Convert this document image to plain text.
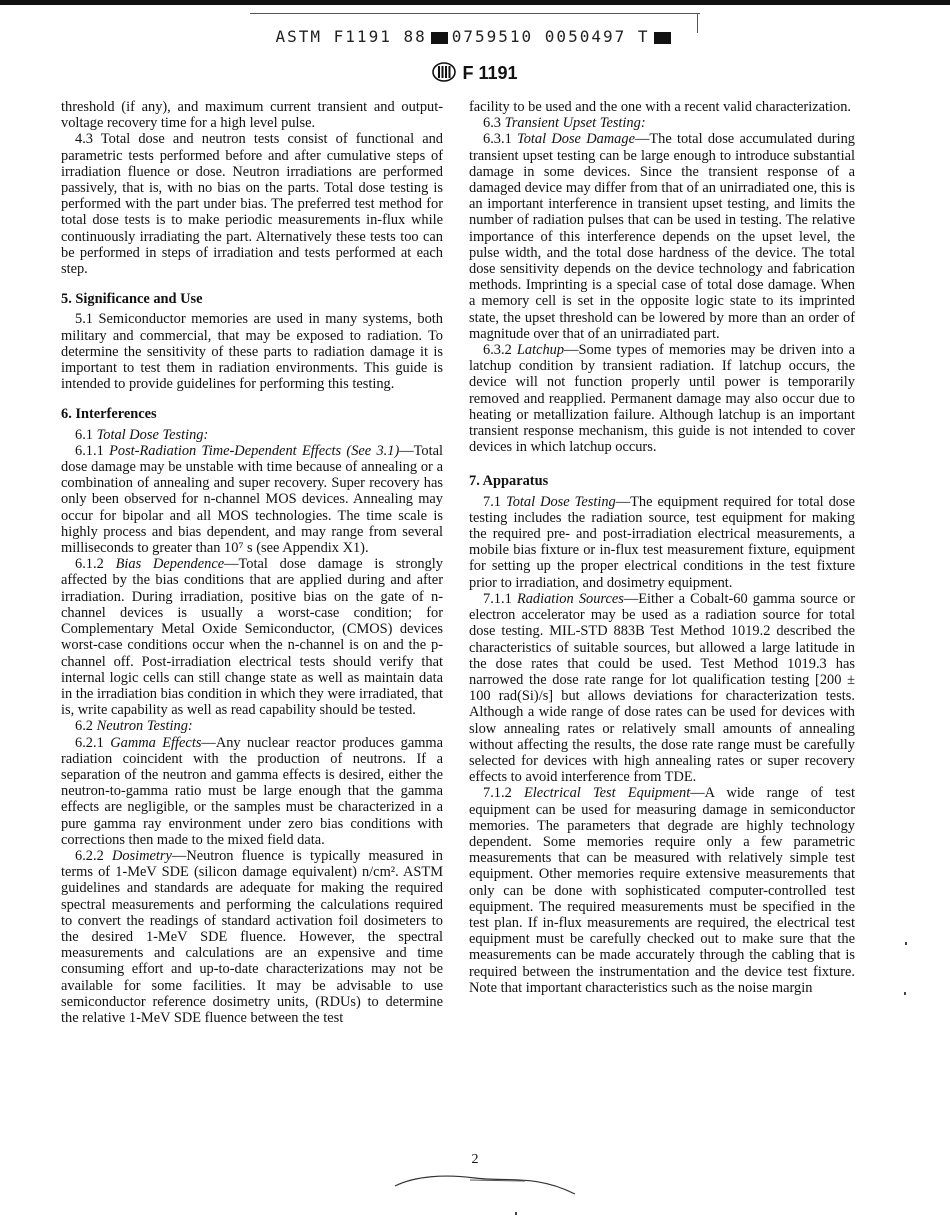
ASTM F1191 88 0759510 0050497 T
F 1191

threshold (if any), and maximum current transient and output-voltage recovery time for a high level pulse.

4.3 Total dose and neutron tests consist of functional and parametric tests performed before and after cumulative steps of irradiation fluence or dose. Neutron irradiations are performed passively, that is, with no bias on the parts. Total dose testing is performed with the part under bias. The preferred test method for total dose tests is to make periodic measurements in-flux while continuously irradiating the part. Alternatively these tests too can be performed in steps of irradiation and tests performed at each step.

5. Significance and Use

5.1 Semiconductor memories are used in many systems, both military and commercial, that may be exposed to radiation. To determine the sensitivity of these parts to radiation damage it is important to test them in radiation environments. This guide is intended to provide guidelines for performing this testing.

6. Interferences

6.1 Total Dose Testing:

6.1.1 Post-Radiation Time-Dependent Effects (See 3.1)—Total dose damage may be unstable with time because of annealing or a combination of annealing and super recovery. Super recovery has only been observed for n-channel MOS devices. Annealing may occur for bipolar and all MOS technologies. The time scale is highly process and bias dependent, and may range from several milliseconds to greater than 10⁷ s (see Appendix X1).

6.1.2 Bias Dependence—Total dose damage is strongly affected by the bias conditions that are applied during and after irradiation. During irradiation, positive bias on the gate of n-channel devices is usually a worst-case condition; for Complementary Metal Oxide Semiconductor, (CMOS) devices worst-case conditions occur when the n-channel is on and the p-channel off. Post-irradiation electrical tests should verify that internal logic cells can still change state as well as maintain data in the irradiation bias condition in which they were irradiated, that is, write capability as well as read capability should be tested.

6.2 Neutron Testing:

6.2.1 Gamma Effects—Any nuclear reactor produces gamma radiation coincident with the production of neutrons. If a separation of the neutron and gamma effects is desired, either the neutron-to-gamma ratio must be large enough that the gamma effects are negligible, or the samples must be characterized in a pure gamma ray environment under zero bias conditions with corrections then made to the mixed field data.

6.2.2 Dosimetry—Neutron fluence is typically measured in terms of 1-MeV SDE (silicon damage equivalent) n/cm². ASTM guidelines and standards are adequate for making the required spectral measurements and performing the calculations required to convert the readings of standard activation foil dosimeters to the desired 1-MeV SDE fluence. However, the spectral measurements and calculations are an expensive and time consuming effort and up-to-date characterizations may not be available for some facilities. It may be advisable to use semiconductor reference dosimetry units, (RDUs) to determine the relative 1-MeV SDE fluence between the test

facility to be used and the one with a recent valid characterization.

6.3 Transient Upset Testing:

6.3.1 Total Dose Damage—The total dose accumulated during transient upset testing can be large enough to introduce substantial damage in some devices. Since the transient response of a damaged device may differ from that of an unirradiated one, this is an important interference in transient upset testing, and limits the number of radiation pulses that can be used in testing. The relative importance of this interference depends on the upset level, the pulse width, and the total dose hardness of the device. The total dose sensitivity depends on the device technology and fabrication methods. Imprinting is a special case of total dose damage. When a memory cell is set in the opposite logic state to its imprinted state, the upset threshold can be lowered by more than an order of magnitude over that of an unirradiated part.

6.3.2 Latchup—Some types of memories may be driven into a latchup condition by transient radiation. If latchup occurs, the device will not function properly until power is temporarily removed and reapplied. Permanent damage may also occur due to heating or metallization failure. Although latchup is an important transient response mechanism, this guide is not intended to cover devices in which latchup occurs.

7. Apparatus

7.1 Total Dose Testing—The equipment required for total dose testing includes the radiation source, test equipment for making the required pre- and post-irradiation electrical measurements, a mobile bias fixture or in-flux test measurement fixture, equipment for setting up the proper electrical conditions in the test fixture prior to irradiation, and dosimetry equipment.

7.1.1 Radiation Sources—Either a Cobalt-60 gamma source or electron accelerator may be used as a radiation source for total dose testing. MIL-STD 883B Test Method 1019.2 described the characteristics of suitable sources, but allowed a large latitude in the dose rates that could be used. Test Method 1019.3 has narrowed the dose rate range for lot qualification testing [200 ± 100 rad(Si)/s] but allows deviations for characterization tests. Although a wide range of dose rates can be used for devices with slow annealing rates or relatively small amounts of annealing without affecting the results, the dose rate range must be carefully selected for devices with high annealing rates or super recovery effects to avoid interference from TDE.

7.1.2 Electrical Test Equipment—A wide range of test equipment can be used for measuring damage in semiconductor memories. The parameters that degrade are highly technology dependent. Some memories require only a few parametric measurements that can be measured with relatively simple test equipment. Other memories require extensive measurements that only can be done with sophisticated computer-controlled test equipment. The required measurements must be specified in the test plan. If in-flux measurements are required, the electrical test equipment must be carefully checked out to make sure that the measurements can be made accurately through the cabling that is required between the instrumentation and the device test fixture. Note that important characteristics such as the noise margin

2
